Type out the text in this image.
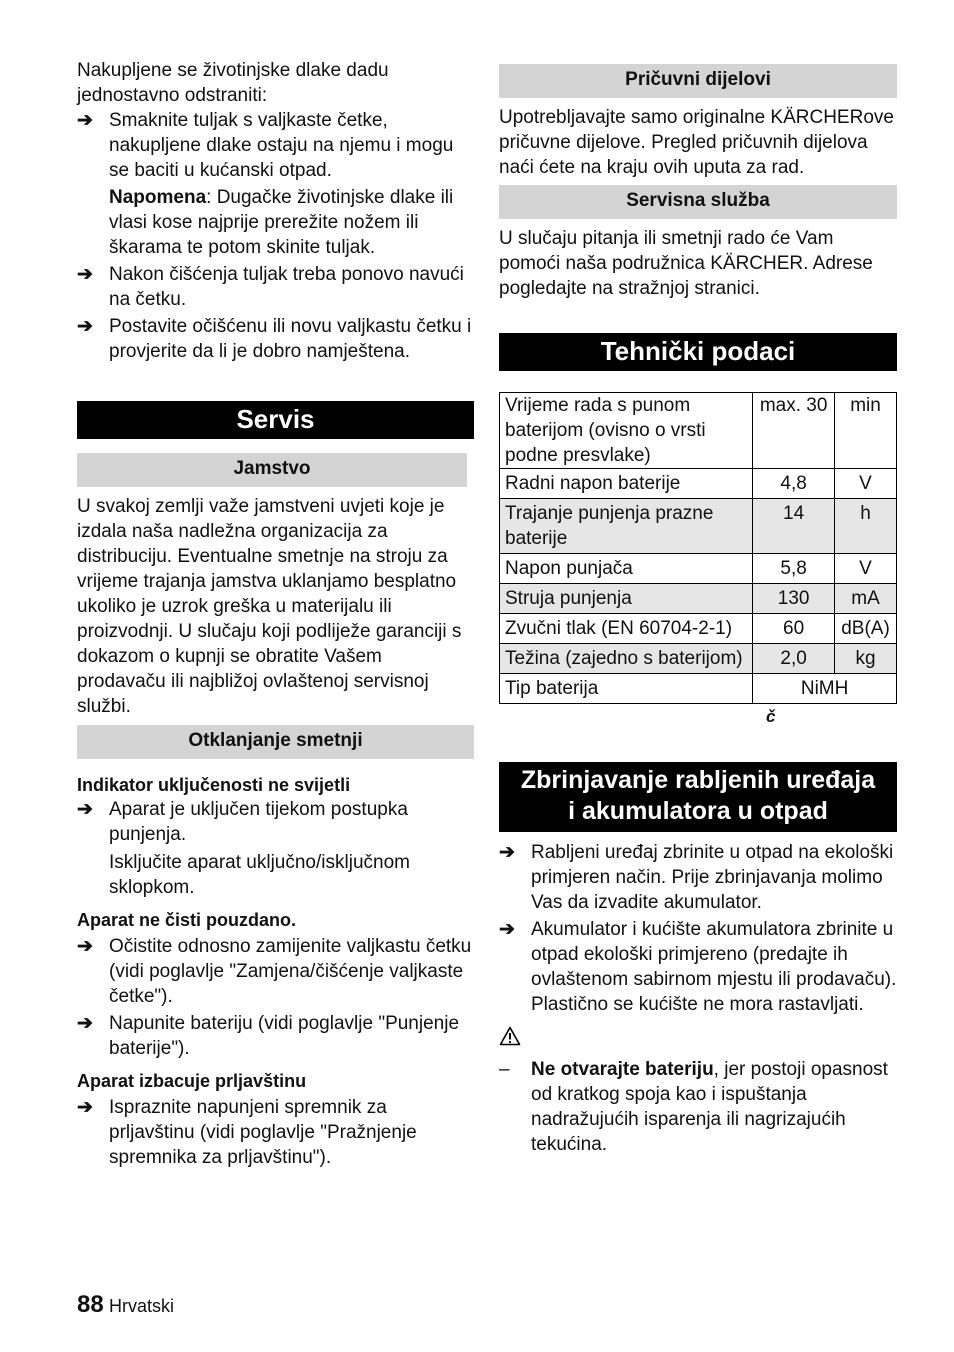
Nakupljene se životinjske dlake dadu jednostavno odstraniti:

➔ Smaknite tuljak s valjkaste četke, nakupljene dlake ostaju na njemu i mogu se baciti u kućanski otpad.

Napomena: Dugačke životinjske dlake ili vlasi kose najprije prerežite nožem ili škarama te potom skinite tuljak.

➔ Nakon čišćenja tuljak treba ponovo navući na četku.

➔ Postavite očišćenu ili novu valjkastu četku i provjerite da li je dobro namještena.

Servis
Jamstvo

U svakoj zemlji važe jamstveni uvjeti koje je izdala naša nadležna organizacija za distribuciju. Eventualne smetnje na stroju za vrijeme trajanja jamstva uklanjamo besplatno ukoliko je uzrok greška u materijalu ili proizvodnji. U slučaju koji podliježe garanciji s dokazom o kupnji se obratite Vašem prodavaču ili najbližoj ovlaštenoj servisnoj službi.

Otklanjanje smetnji

Indikator uključenosti ne svijetli

➔ Aparat je uključen tijekom postupka punjenja.

Isključite aparat uključno/isključnom sklopkom.

Aparat ne čisti pouzdano.

➔ Očistite odnosno zamijenite valjkastu četku (vidi poglavlje "Zamjena/čišćenje valjkaste četke").

➔ Napunite bateriju (vidi poglavlje "Punjenje baterije").

Aparat izbacuje prljavštinu

➔ Ispraznite napunjeni spremnik za prljavštinu (vidi poglavlje "Pražnjenje spremnika za prljavštinu").

Pričuvni dijelovi

Upotrebljavajte samo originalne KÄRCHERove pričuvne dijelove. Pregled pričuvnih dijelova naći ćete na kraju ovih uputa za rad.

Servisna služba

U slučaju pitanja ili smetnji rado će Vam pomoći naša podružnica KÄRCHER. Adrese pogledajte na stražnjoj stranici.

Tehnički podaci
Vrijeme rada s punom baterijom (ovisno o vrsti podne presvlake)	max. 30	min
Radni napon baterije	4,8	V
Trajanje punjenja prazne baterije	14	h
Napon punjača	5,8	V
Struja punjenja	130	mA
Zvučni tlak (EN 60704-2-1)	60	dB(A)
Težina (zajedno s baterijom)	2,0	kg
Tip baterija	NiMH	

č

Zbrinjavanje rabljenih uređaja
i akumulatora u otpad
➔ Rabljeni uređaj zbrinite u otpad na ekološki primjeren način. Prije zbrinjavanja molimo Vas da izvadite akumulator.

➔ Akumulator i kućište akumulatora zbrinite u otpad ekološki primjereno (predajte ih ovlaštenom sabirnom mjestu ili prodavaču). Plastično se kućište ne mora rastavljati.

– Ne otvarajte bateriju, jer postoji opasnost od kratkog spoja kao i ispuštanja nadražujućih isparenja ili nagrizajućih tekućina.

88 Hrvatski
